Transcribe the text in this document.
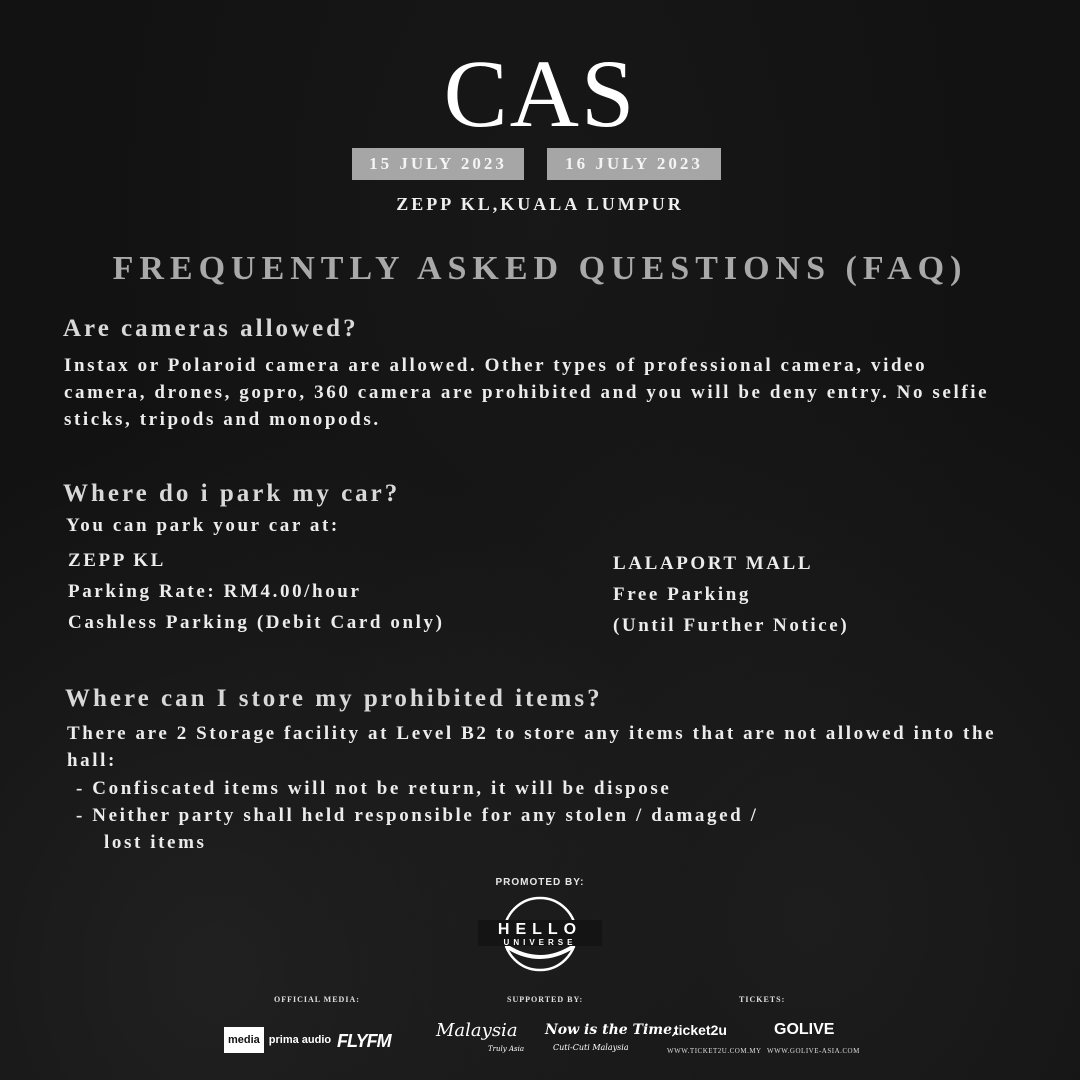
CAS
15 JULY 2023	16 JULY 2023
ZEPP KL,KUALA LUMPUR
FREQUENTLY ASKED QUESTIONS (FAQ)
Are cameras allowed?
Instax or Polaroid camera are allowed. Other types of professional camera, video camera, drones, gopro, 360 camera are prohibited and you will be deny entry. No selfie sticks, tripods and monopods.
Where do i park my car?
You can park your car at:
ZEPP KL
Parking Rate: RM4.00/hour
Cashless Parking (Debit Card only)
LALAPORT MALL
Free Parking
(Until Further Notice)
Where can I store my prohibited items?
There are 2 Storage facility at Level B2 to store any items that are not allowed into the hall:
- Confiscated items will not be return, it will be dispose
- Neither party shall held responsible for any stolen / damaged /
lost items
PROMOTED BY:
HELLO
UNIVERSE
OFFICIAL MEDIA:	SUPPORTED BY:	TICKETS:
media prima audio FLYFM	Malaysia
Truly Asia
Now is the Time,
Cuti-Cuti Malaysia
ticket2u
WWW.TICKET2U.COM.MY
GOLIVE
WWW.GOLIVE-ASIA.COM
